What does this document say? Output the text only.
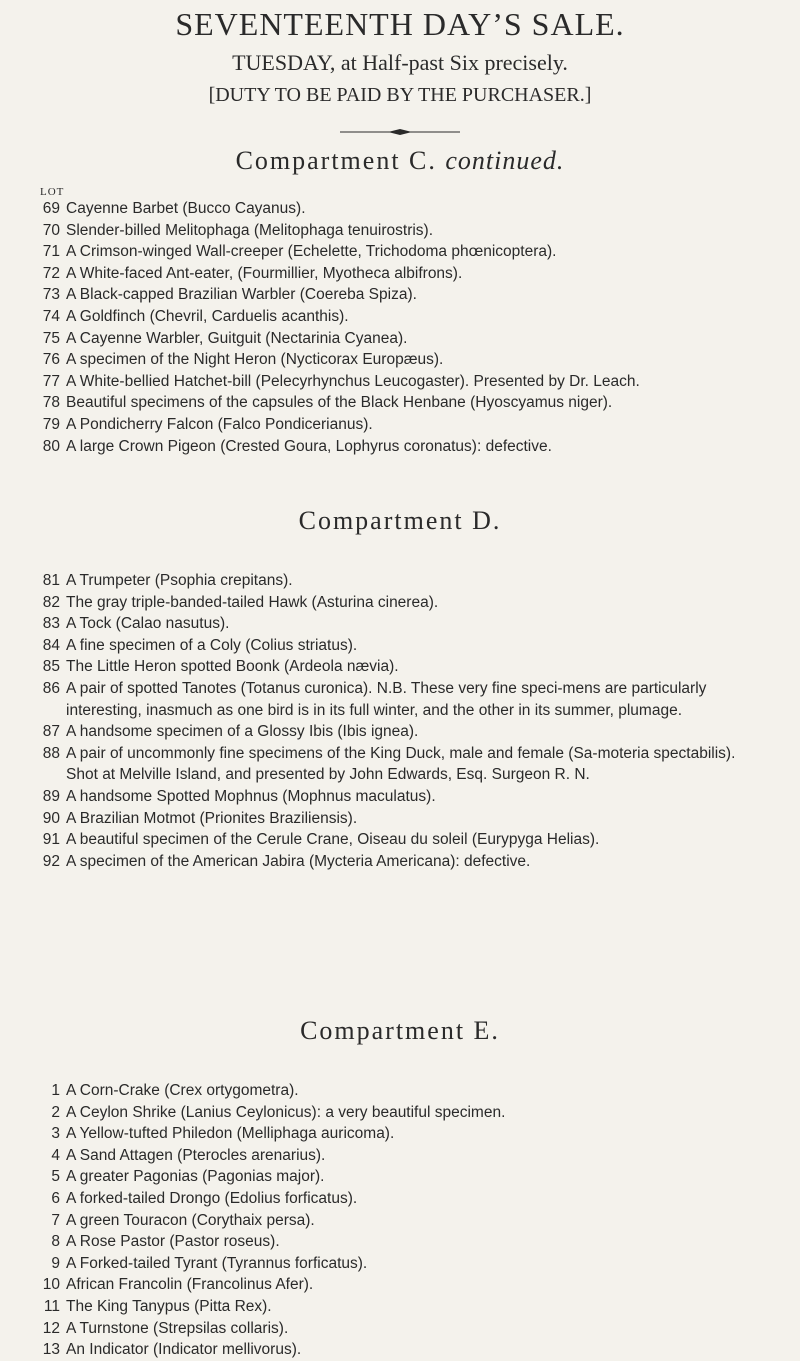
SEVENTEENTH DAY’S SALE.
TUESDAY, at Half-past Six precisely.
[DUTY TO BE PAID BY THE PURCHASER.]
Compartment C. continued.
LOT
69 Cayenne Barbet (Bucco Cayanus).
70 Slender-billed Melitophaga (Melitophaga tenuirostris).
71 A Crimson-winged Wall-creeper (Echelette, Trichodoma phœnicoptera).
72 A White-faced Ant-eater, (Fourmillier, Myotheca albifrons).
73 A Black-capped Brazilian Warbler (Coereba Spiza).
74 A Goldfinch (Chevril, Carduelis acanthis).
75 A Cayenne Warbler, Guitguit (Nectarinia Cyanea).
76 A specimen of the Night Heron (Nycticorax Europæus).
77 A White-bellied Hatchet-bill (Pelecyrhynchus Leucogaster). Presented by Dr. Leach.
78 Beautiful specimens of the capsules of the Black Henbane (Hyoscyamus niger).
79 A Pondicherry Falcon (Falco Pondicerianus).
80 A large Crown Pigeon (Crested Goura, Lophyrus coronatus): defective.
Compartment D.
81 A Trumpeter (Psophia crepitans).
82 The gray triple-banded-tailed Hawk (Asturina cinerea).
83 A Tock (Calao nasutus).
84 A fine specimen of a Coly (Colius striatus).
85 The Little Heron spotted Boonk (Ardeola nævia).
86 A pair of spotted Tanotes (Totanus curonica). N.B. These very fine speci-mens are particularly interesting, inasmuch as one bird is in its full winter, and the other in its summer, plumage.
87 A handsome specimen of a Glossy Ibis (Ibis ignea).
88 A pair of uncommonly fine specimens of the King Duck, male and female (Sa-moteria spectabilis). Shot at Melville Island, and presented by John Edwards, Esq. Surgeon R. N.
89 A handsome Spotted Mophnus (Mophnus maculatus).
90 A Brazilian Motmot (Prionites Braziliensis).
91 A beautiful specimen of the Cerule Crane, Oiseau du soleil (Eurypyga Helias).
92 A specimen of the American Jabira (Mycteria Americana): defective.
Compartment E.
1 A Corn-Crake (Crex ortygometra).
2 A Ceylon Shrike (Lanius Ceylonicus): a very beautiful specimen.
3 A Yellow-tufted Philedon (Melliphaga auricoma).
4 A Sand Attagen (Pterocles arenarius).
5 A greater Pagonias (Pagonias major).
6 A forked-tailed Drongo (Edolius forficatus).
7 A green Touracon (Corythaix persa).
8 A Rose Pastor (Pastor roseus).
9 A Forked-tailed Tyrant (Tyrannus forficatus).
10 African Francolin (Francolinus Afer).
11 The King Tanypus (Pitta Rex).
12 A Turnstone (Strepsilas collaris).
13 An Indicator (Indicator mellivorus).
